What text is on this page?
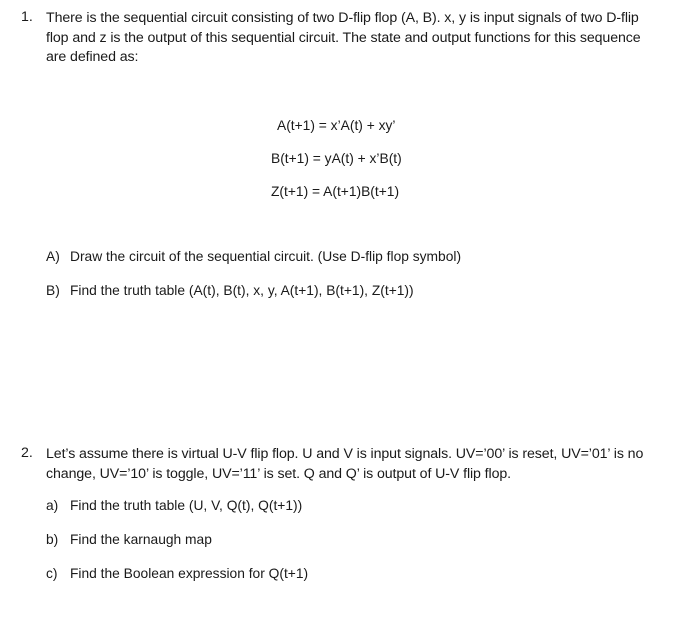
1. There is the sequential circuit consisting of two D-flip flop (A, B). x, y is input signals of two D-flip
flop and z is the output of this sequential circuit. The state and output functions for this sequence
are defined as:
A(t+1) = x’A(t) + xy’
B(t+1) = yA(t) + x’B(t)
Z(t+1) = A(t+1)B(t+1)
A) Draw the circuit of the sequential circuit. (Use D-flip flop symbol)
B) Find the truth table (A(t), B(t), x, y, A(t+1), B(t+1), Z(t+1))
2. Let’s assume there is virtual U-V flip flop. U and V is input signals. UV=’00’ is reset, UV=’01’ is no
change, UV=’10’ is toggle, UV=’11’ is set. Q and Q’ is output of U-V flip flop.
a) Find the truth table (U, V, Q(t), Q(t+1))
b) Find the karnaugh map
c) Find the Boolean expression for Q(t+1)
